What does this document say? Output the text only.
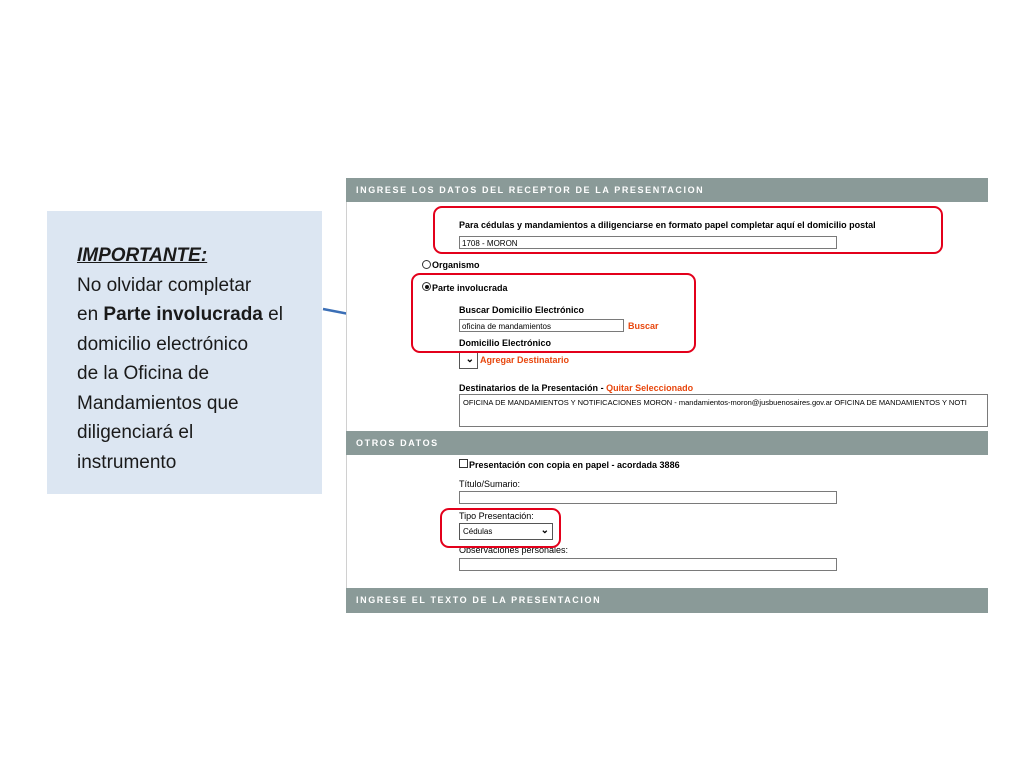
IMPORTANTE:
No olvidar completar
en Parte involucrada el
domicilio electrónico
de la Oficina de
Mandamientos que
diligenciará el
instrumento
INGRESE LOS DATOS DEL RECEPTOR DE LA PRESENTACION
Para cédulas y mandamientos a diligenciarse en formato papel completar aquí el domicilio postal
1708 - MORON
Organismo
Parte involucrada
Buscar Domicilio Electrónico
oficina de mandamientos	Buscar
Domicilio Electrónico
⌄ Agregar Destinatario
Destinatarios de la Presentación - Quitar Seleccionado
OFICINA DE MANDAMIENTOS Y NOTIFICACIONES MORON - mandamientos-moron@jusbuenosaires.gov.ar OFICINA DE MANDAMIENTOS Y NOTI
OTROS DATOS
Presentación con copia en papel - acordada 3886
Título/Sumario:
Tipo Presentación:
Cédulas	⌄
Observaciones personales:
INGRESE EL TEXTO DE LA PRESENTACION
